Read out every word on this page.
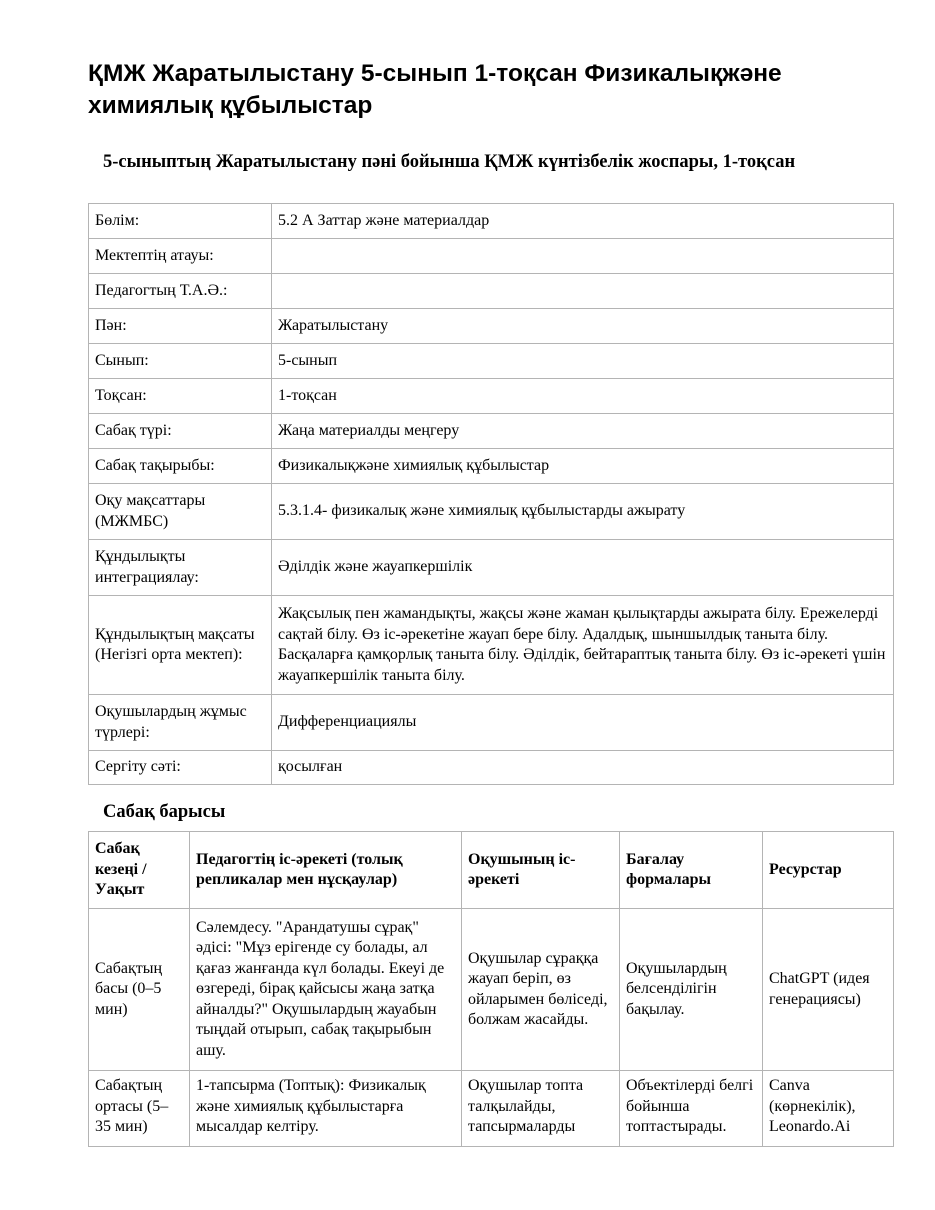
ҚМЖ Жаратылыстану 5-сынып 1-тоқсан Физикалықжәне химиялық құбылыстар
5-сыныптың Жаратылыстану пәні бойынша ҚМЖ күнтізбелік жоспары, 1-тоқсан
Бөлім:	5.2 А Заттар және материалдар
Мектептің атауы:	
Педагогтың Т.А.Ә.:	
Пән:	Жаратылыстану
Сынып:	5-сынып
Тоқсан:	1-тоқсан
Сабақ түрі:	Жаңа материалды меңгеру
Сабақ тақырыбы:	Физикалықжәне химиялық құбылыстар
Оқу мақсаттары (МЖМБС)	5.3.1.4- физикалық және химиялық құбылыстарды ажырату
Құндылықты интеграциялау:	Әділдік және жауапкершілік
Құндылықтың мақсаты (Негізгі орта мектеп):	Жақсылық пен жамандықты, жақсы және жаман қылықтарды ажырата білу. Ережелерді сақтай білу. Өз іс-әрекетіне жауап бере білу. Адалдық, шыншылдық таныта білу. Басқаларға қамқорлық таныта білу. Әділдік, бейтараптық таныта білу. Өз іс-әрекеті үшін жауапкершілік таныта білу.
Оқушылардың жұмыс түрлері:	Дифференциациялы
Сергіту сәті:	қосылған
Сабақ барысы
Сабақ кезеңі / Уақыт	Педагогтің іс-әрекеті (толық репликалар мен нұсқаулар)	Оқушының іс-әрекеті	Бағалау формалары	Ресурстар
Сабақтың басы (0–5 мин)	Сәлемдесу. "Арандатушы сұрақ" әдісі: "Мұз ерігенде су болады, ал қағаз жанғанда күл болады. Екеуі де өзгереді, бірақ қайсысы жаңа затқа айналды?" Оқушылардың жауабын тыңдай отырып, сабақ тақырыбын ашу.	Оқушылар сұраққа жауап беріп, өз ойларымен бөліседі, болжам жасайды.	Оқушылардың белсенділігін бақылау.	ChatGPT (идея генерациясы)
Сабақтың ортасы (5–35 мин)	1-тапсырма (Топтық): Физикалық және химиялық құбылыстарға мысалдар келтіру.	Оқушылар топта талқылайды, тапсырмаларды	Объектілерді белгі бойынша топтастырады.	Canva (көрнекілік), Leonardo.Ai
